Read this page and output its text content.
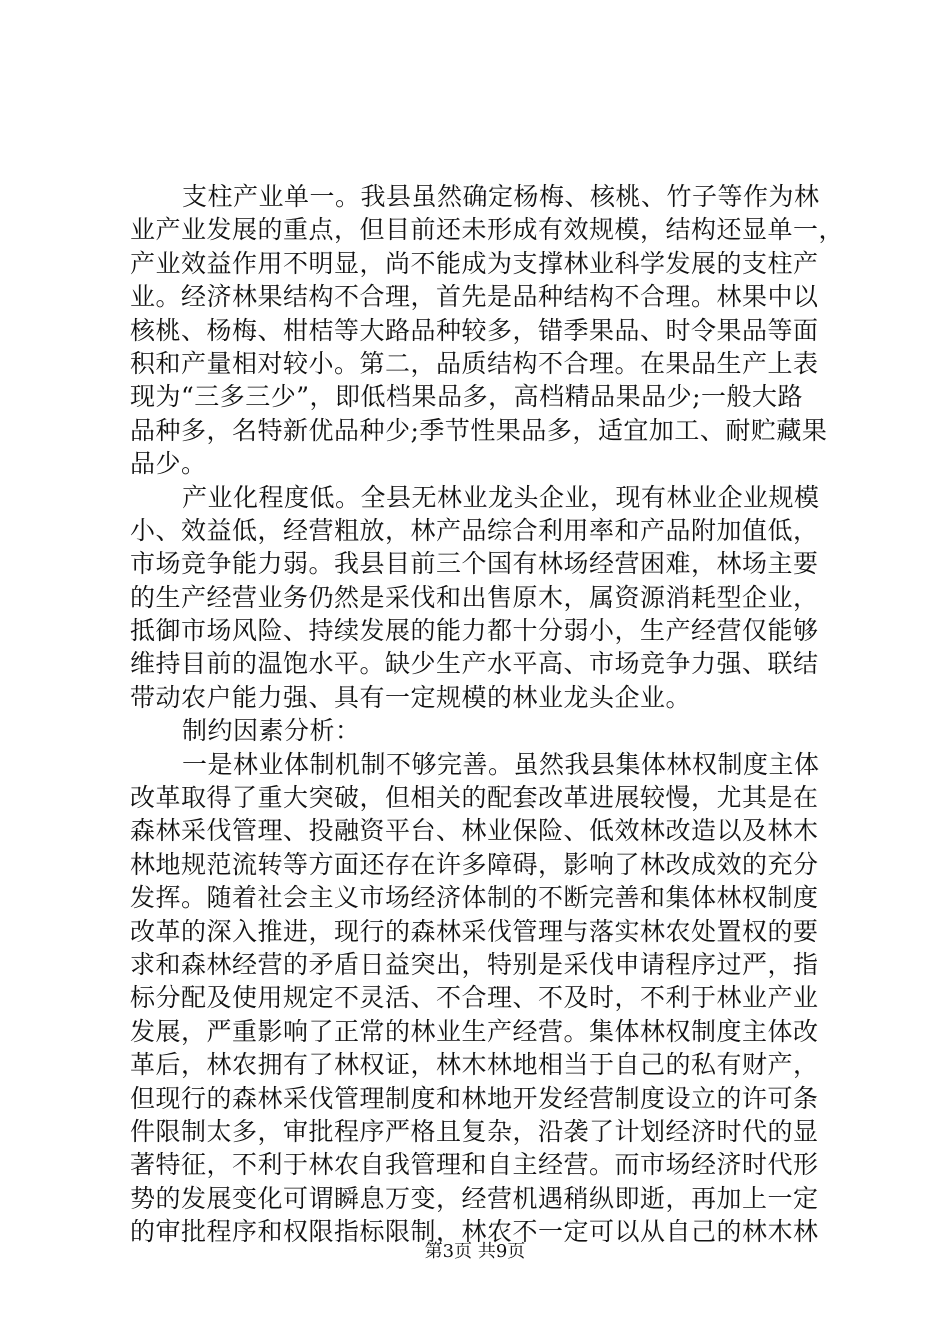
支柱产业单一。我县虽然确定杨梅、核桃、竹子等作为林
业产业发展的重点，但目前还未形成有效规模，结构还显单一，
产业效益作用不明显，尚不能成为支撑林业科学发展的支柱产
业。经济林果结构不合理，首先是品种结构不合理。林果中以
核桃、杨梅、柑桔等大路品种较多，错季果品、时令果品等面
积和产量相对较小。第二，品质结构不合理。在果品生产上表
现为“三多三少”，即低档果品多，高档精品果品少;一般大路
品种多，名特新优品种少;季节性果品多，适宜加工、耐贮藏果
品少。
产业化程度低。全县无林业龙头企业，现有林业企业规模
小、效益低，经营粗放，林产品综合利用率和产品附加值低，
市场竞争能力弱。我县目前三个国有林场经营困难，林场主要
的生产经营业务仍然是采伐和出售原木，属资源消耗型企业，
抵御市场风险、持续发展的能力都十分弱小，生产经营仅能够
维持目前的温饱水平。缺少生产水平高、市场竞争力强、联结
带动农户能力强、具有一定规模的林业龙头企业。
制约因素分析：
一是林业体制机制不够完善。虽然我县集体林权制度主体
改革取得了重大突破，但相关的配套改革进展较慢，尤其是在
森林采伐管理、投融资平台、林业保险、低效林改造以及林木
林地规范流转等方面还存在许多障碍，影响了林改成效的充分
发挥。随着社会主义市场经济体制的不断完善和集体林权制度
改革的深入推进，现行的森林采伐管理与落实林农处置权的要
求和森林经营的矛盾日益突出，特别是采伐申请程序过严，指
标分配及使用规定不灵活、不合理、不及时，不利于林业产业
发展，严重影响了正常的林业生产经营。集体林权制度主体改
革后，林农拥有了林权证，林木林地相当于自己的私有财产，
但现行的森林采伐管理制度和林地开发经营制度设立的许可条
件限制太多，审批程序严格且复杂，沿袭了计划经济时代的显
著特征，不利于林农自我管理和自主经营。而市场经济时代形
势的发展变化可谓瞬息万变，经营机遇稍纵即逝，再加上一定
的审批程序和权限指标限制，林农不一定可以从自己的林木林
第3页 共9页
